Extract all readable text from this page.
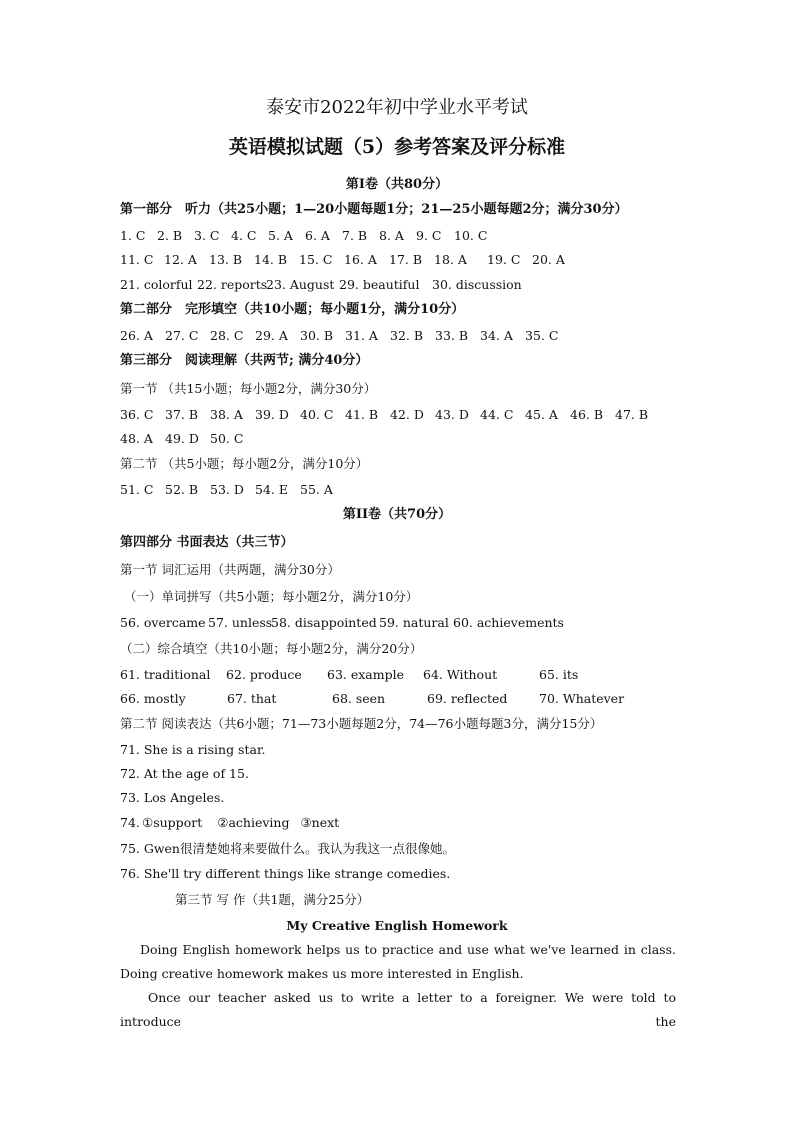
泰安市2022年初中学业水平考试
英语模拟试题（5）参考答案及评分标准
第I卷（共80分）
第一部分　听力（共25小题；1—20小题每题1分；21—25小题每题2分；满分30分）
1. C 2. B 3. C 4. C 5. A 6. A 7. B 8. A 9. C	10. C
11. C 12. A 13. B 14. B 15. C 16. A 17. B 18. A	19. C 20. A
21. colorful 22. reports
23. August 29. beautiful	30. discussion
第二部分　完形填空（共10小题；每小题1分，满分10分）
26. A 27. C 28. C 29. A 30. B 31. A 32. B 33. B 34. A 35. C
第三部分　阅读理解（共两节; 满分40分）
第一节 （共15小题；每小题2分，满分30分）
36. C 37. B 38. A 39. D 40. C 41. B 42. D 43. D 44. C 45. A 46. B 47. B
48. A 49. D 50. C
第二节 （共5小题；每小题2分，满分10分）
51. C 52. B 53. D 54. E 55. A
第II卷（共70分）
第四部分 书面表达（共三节）
第一节 词汇运用（共两题，满分30分）
（一）单词拼写（共5小题；每小题2分，满分10分）
56. overcame 57. unless
58. disappointed 59. natural 60. achievements
（二）综合填空（共10小题；每小题2分，满分20分）
61. traditional	62. produce	63. example	64. Without	65. its
66. mostly	67. that	68. seen	69. reflected	70. Whatever
第二节 阅读表达（共6小题；71—73小题每题2分，74—76小题每题3分，满分15分）
71. She is a rising star.
72. At the age of 15.
73. Los Angeles.
74. ① support	② achieving ③ next
75. Gwen很清楚她将来要做什么。我认为我这一点很像她。
76. She'll try different things like strange comedies.
第三节 写 作（共1题，满分25分）
My Creative English Homework
Doing English homework helps us to practice and use what we've learned in class. Doing creative homework makes us more interested in English.
Once our teacher asked us to write a letter to a foreigner. We were told to introduce the
